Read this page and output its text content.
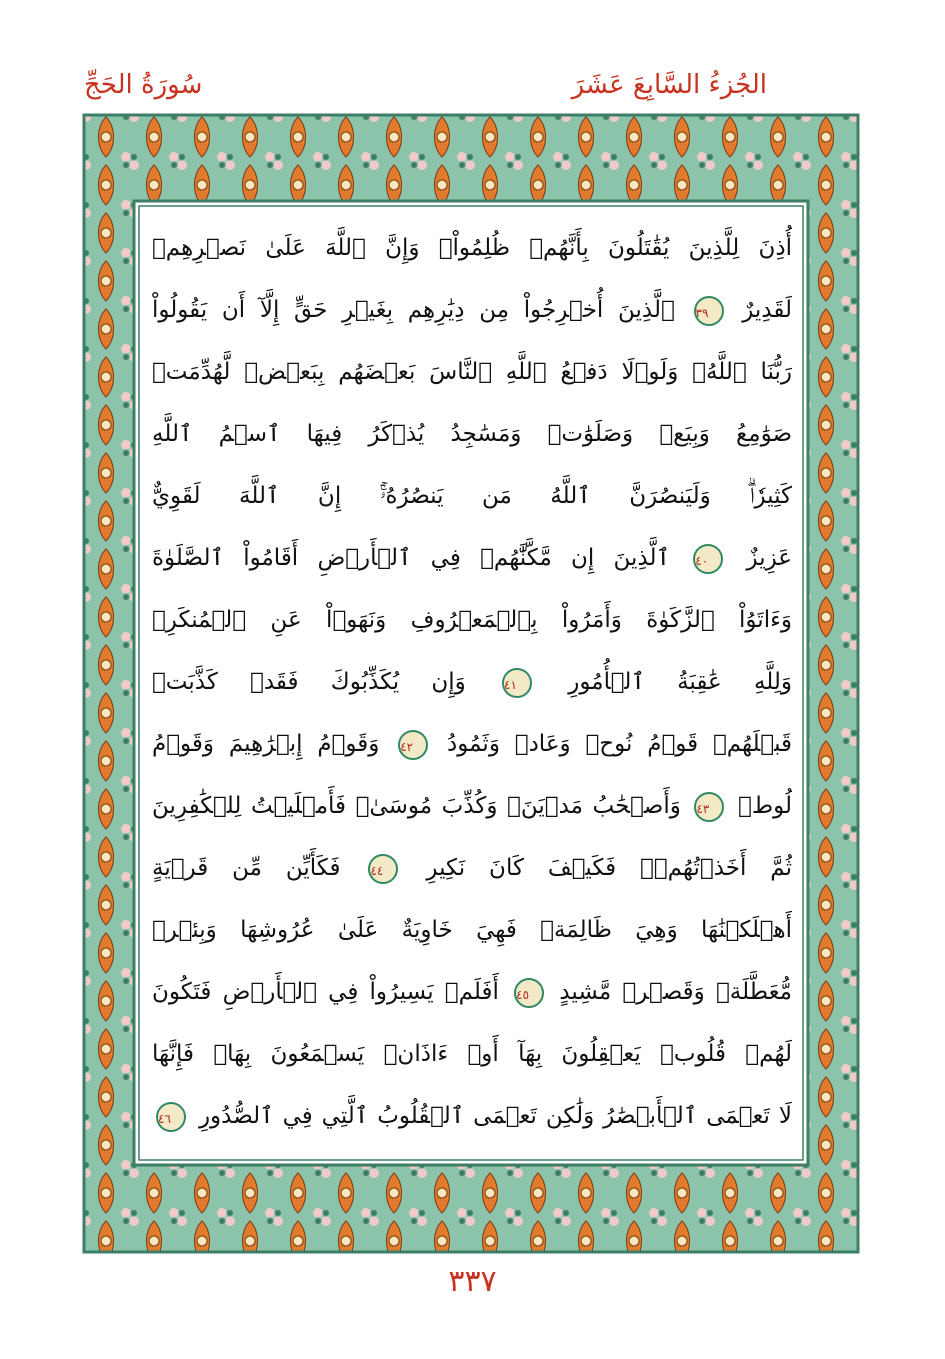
الجُزءُ السَّابِعَ عَشَرَ
سُورَةُ الحَجِّ
أُذِنَ لِلَّذِينَ يُقَٰتَلُونَ بِأَنَّهُمۡ ظُلِمُواْۚ وَإِنَّ ٱللَّهَ عَلَىٰ نَصۡرِهِمۡ
لَقَدِيرٌ ٣٩ ٱلَّذِينَ أُخۡرِجُواْ مِن دِيَٰرِهِم بِغَيۡرِ حَقٍّ إِلَّآ أَن يَقُولُواْ
رَبُّنَا ٱللَّهُۗ وَلَوۡلَا دَفۡعُ ٱللَّهِ ٱلنَّاسَ بَعۡضَهُم بِبَعۡضٖ لَّهُدِّمَتۡ
صَوَٰمِعُ وَبِيَعٞ وَصَلَوَٰتٞ وَمَسَٰجِدُ يُذۡكَرُ فِيهَا ٱسۡمُ ٱللَّهِ
كَثِيرٗاۗ وَلَيَنصُرَنَّ ٱللَّهُ مَن يَنصُرُهُۥٓۚ إِنَّ ٱللَّهَ لَقَوِيٌّ
عَزِيزٌ ٤٠ ٱلَّذِينَ إِن مَّكَّنَّٰهُمۡ فِي ٱلۡأَرۡضِ أَقَامُواْ ٱلصَّلَوٰةَ
وَءَاتَوُاْ ٱلزَّكَوٰةَ وَأَمَرُواْ بِٱلۡمَعۡرُوفِ وَنَهَوۡاْ عَنِ ٱلۡمُنكَرِۗ
وَلِلَّهِ عَٰقِبَةُ ٱلۡأُمُورِ ٤١ وَإِن يُكَذِّبُوكَ فَقَدۡ كَذَّبَتۡ
قَبۡلَهُمۡ قَوۡمُ نُوحٖ وَعَادٞ وَثَمُودُ ٤٢ وَقَوۡمُ إِبۡرَٰهِيمَ وَقَوۡمُ
لُوطٖ ٤٣ وَأَصۡحَٰبُ مَدۡيَنَۖ وَكُذِّبَ مُوسَىٰۖ فَأَمۡلَيۡتُ لِلۡكَٰفِرِينَ
ثُمَّ أَخَذۡتُهُمۡۖ فَكَيۡفَ كَانَ نَكِيرِ ٤٤ فَكَأَيِّن مِّن قَرۡيَةٍ
أَهۡلَكۡنَٰهَا وَهِيَ ظَالِمَةٞ فَهِيَ خَاوِيَةٌ عَلَىٰ عُرُوشِهَا وَبِئۡرٖ
مُّعَطَّلَةٖ وَقَصۡرٖ مَّشِيدٍ ٤٥ أَفَلَمۡ يَسِيرُواْ فِي ٱلۡأَرۡضِ فَتَكُونَ
لَهُمۡ قُلُوبٞ يَعۡقِلُونَ بِهَآ أَوۡ ءَاذَانٞ يَسۡمَعُونَ بِهَاۖ فَإِنَّهَا
لَا تَعۡمَى ٱلۡأَبۡصَٰرُ وَلَٰكِن تَعۡمَى ٱلۡقُلُوبُ ٱلَّتِي فِي ٱلصُّدُورِ ٤٦
٣٣٧
